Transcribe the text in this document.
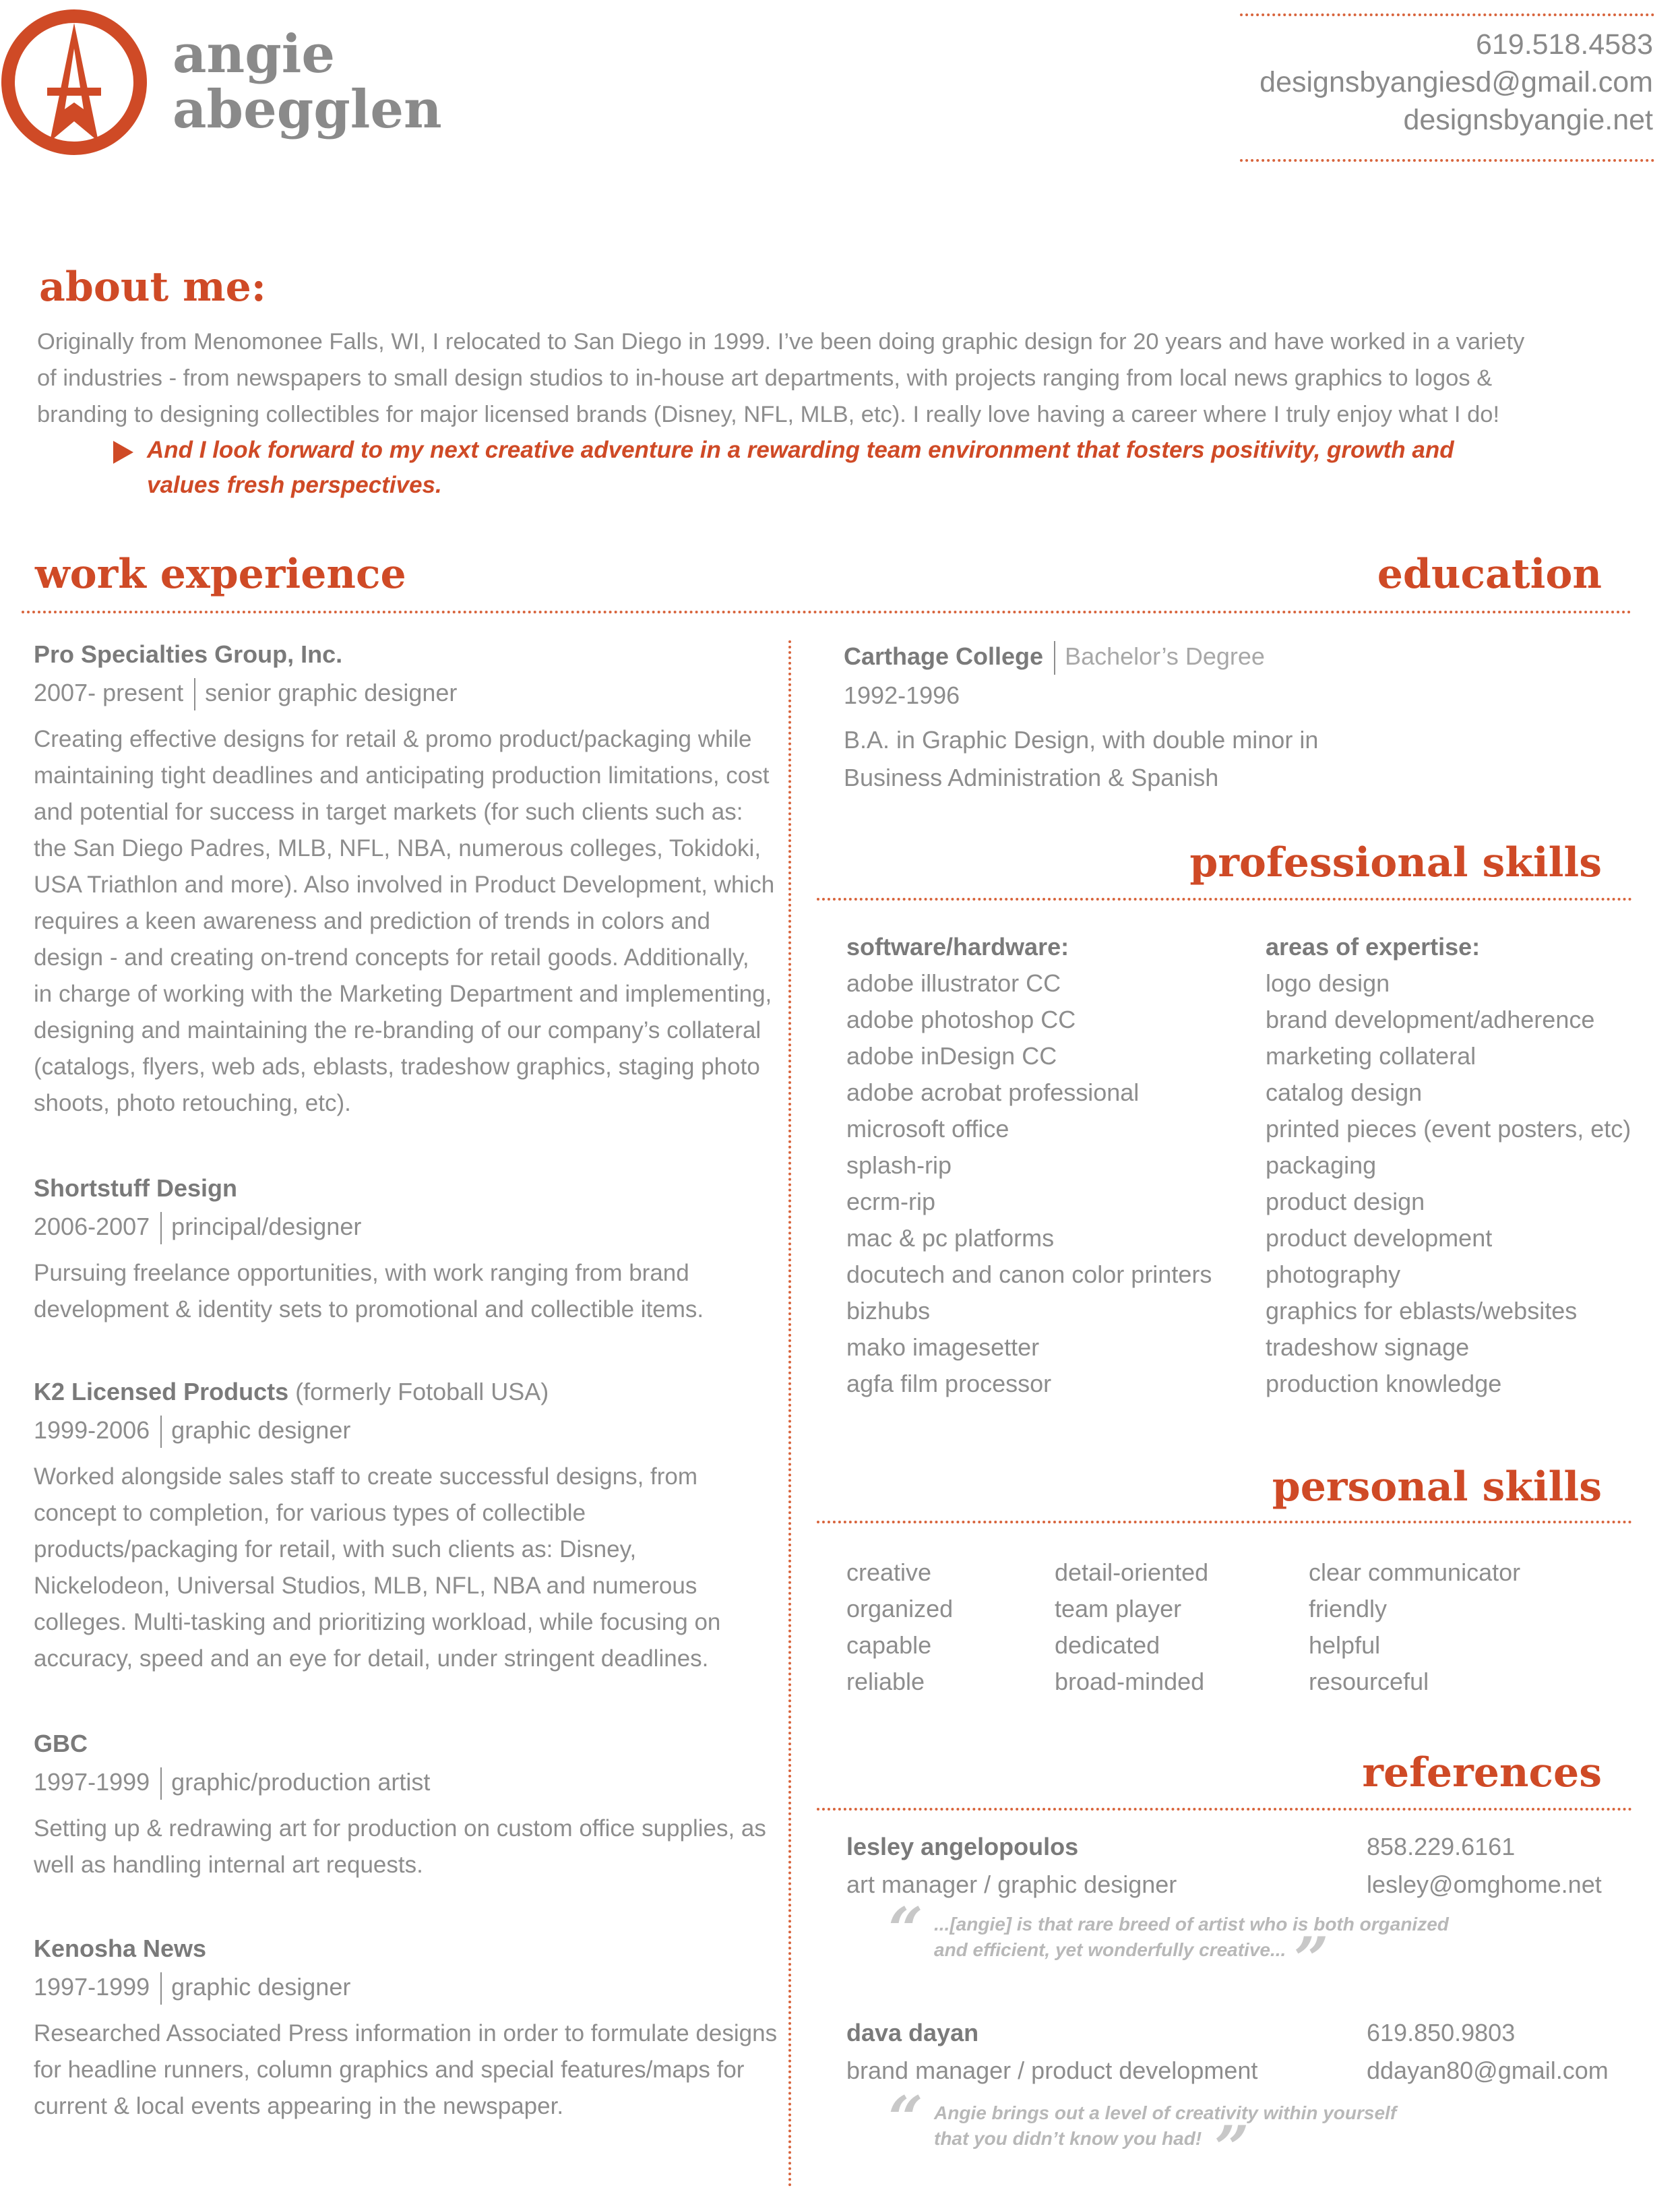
angie
abegglen
619.518.4583
designsbyangiesd@gmail.com
designsbyangie.net
about me:
Originally from Menomonee Falls, WI, I relocated to San Diego in 1999. I’ve been doing graphic design for 20 years and have worked in a variety
of industries - from newspapers to small design studios to in-house art departments, with projects ranging from local news graphics to logos &
branding to designing collectibles for major licensed brands (Disney, NFL, MLB, etc). I really love having a career where I truly enjoy what I do!
And I look forward to my next creative adventure in a rewarding team environment that fosters positivity, growth and
values fresh perspectives.
work experience	education
Pro Specialties Group, Inc.
2007- present senior graphic designer
Creating effective designs for retail & promo product/packaging while
maintaining tight deadlines and anticipating production limitations, cost
and potential for success in target markets (for such clients such as:
the San Diego Padres, MLB, NFL, NBA, numerous colleges, Tokidoki,
USA Triathlon and more). Also involved in Product Development, which
requires a keen awareness and prediction of trends in colors and
design - and creating on-trend concepts for retail goods. Additionally,
in charge of working with the Marketing Department and implementing,
designing and maintaining the re-branding of our company’s collateral
(catalogs, flyers, web ads, eblasts, tradeshow graphics, staging photo
shoots, photo retouching, etc).
Shortstuff Design
2006-2007 principal/designer
Pursuing freelance opportunities, with work ranging from brand
development & identity sets to promotional and collectible items.
K2 Licensed Products (formerly Fotoball USA)
1999-2006 graphic designer
Worked alongside sales staff to create successful designs, from
concept to completion, for various types of collectible
products/packaging for retail, with such clients as: Disney,
Nickelodeon, Universal Studios, MLB, NFL, NBA and numerous
colleges. Multi-tasking and prioritizing workload, while focusing on
accuracy, speed and an eye for detail, under stringent deadlines.
GBC
1997-1999 graphic/production artist
Setting up & redrawing art for production on custom office supplies, as
well as handling internal art requests.
Kenosha News
1997-1999 graphic designer
Researched Associated Press information in order to formulate designs
for headline runners, column graphics and special features/maps for
current & local events appearing in the newspaper.
Carthage College Bachelor’s Degree
1992-1996
B.A. in Graphic Design, with double minor in
Business Administration & Spanish
professional skills
software/hardware:
adobe illustrator CC
adobe photoshop CC
adobe inDesign CC
adobe acrobat professional
microsoft office
splash-rip
ecrm-rip
mac & pc platforms
docutech and canon color printers
bizhubs
mako imagesetter
agfa film processor
areas of expertise:
logo design
brand development/adherence
marketing collateral
catalog design
printed pieces (event posters, etc)
packaging
product design
product development
photography
graphics for eblasts/websites
tradeshow signage
production knowledge
personal skills
creative
organized
capable
reliable
detail-oriented
team player
dedicated
broad-minded
clear communicator
friendly
helpful
resourceful
references
lesley angelopoulos
art manager / graphic designer
858.229.6161
lesley@omghome.net
“ ...[angie] is that rare breed of artist who is both organized
and efficient, yet wonderfully creative... ”
dava dayan
brand manager / product development
619.850.9803
ddayan80@gmail.com
“ Angie brings out a level of creativity within yourself
that you didn’t know you had! ”
